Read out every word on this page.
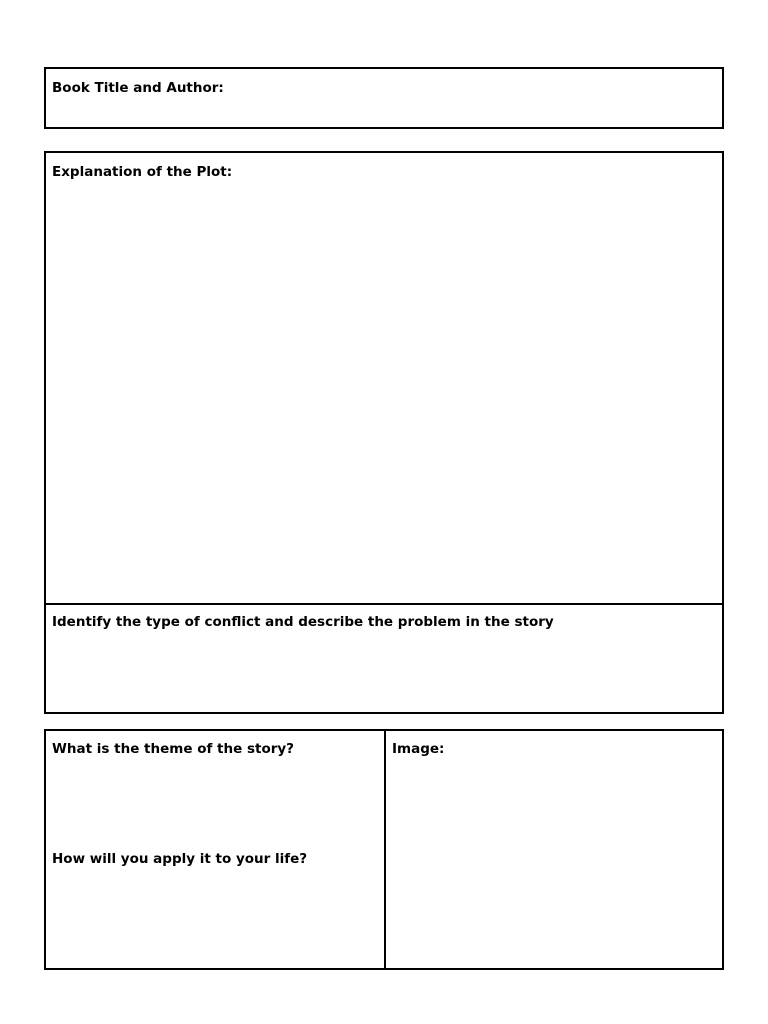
Book Title and Author:
Explanation of the Plot:
Identify the type of conflict and describe the problem in the story
What is the theme of the story?
How will you apply it to your life?
Image:
